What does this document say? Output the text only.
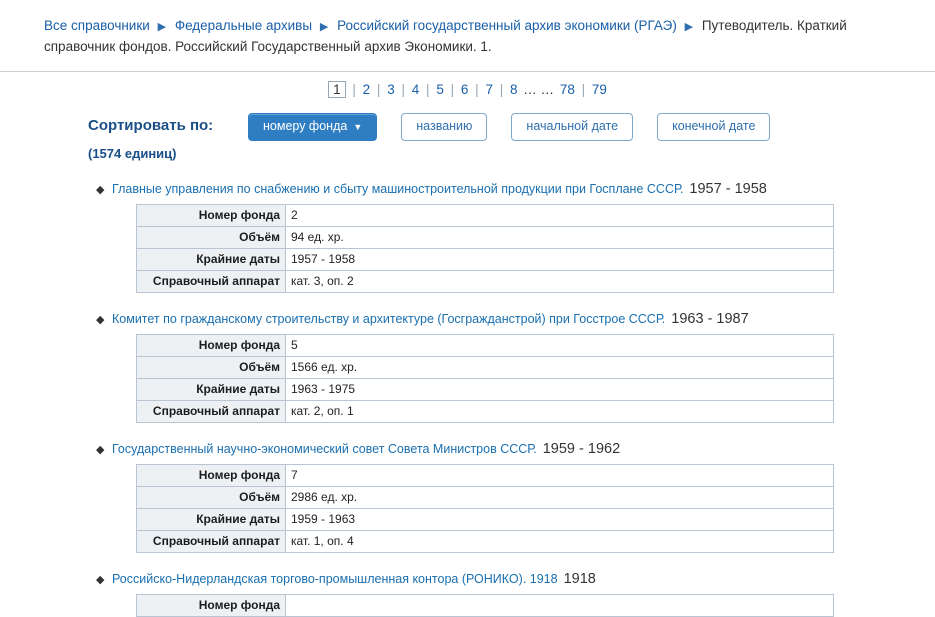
Все справочники ▶ Федеральные архивы ▶ Российский государственный архив экономики (РГАЭ) ▶ Путеводитель. Краткий справочник фондов. Российский Государственный архив Экономики. 1.
1 | 2 | 3 | 4 | 5 | 6 | 7 | 8 … … 78 | 79
Сортировать по:
(1574 единиц)
номеру фонда ▼	названию	начальной дате	конечной дате
◆ Главные управления по снабжению и сбыту машиностроительной продукции при Госплане СССР. 1957 - 1958
Номер фонда	2
Объём	94 ед. хр.
Крайние даты	1957 - 1958
Справочный аппарат	кат. 3, оп. 2
◆ Комитет по гражданскому строительству и архитектуре (Госгражданстрой) при Госстрое СССР. 1963 - 1987
Номер фонда	5
Объём	1566 ед. хр.
Крайние даты	1963 - 1975
Справочный аппарат	кат. 2, оп. 1
◆ Государственный научно-экономический совет Совета Министров СССР. 1959 - 1962
Номер фонда	7
Объём	2986 ед. хр.
Крайние даты	1959 - 1963
Справочный аппарат	кат. 1, оп. 4
◆ Российско-Нидерландская торгово-промышленная контора (РОНИКО). 1918 1918
Номер фонда	
